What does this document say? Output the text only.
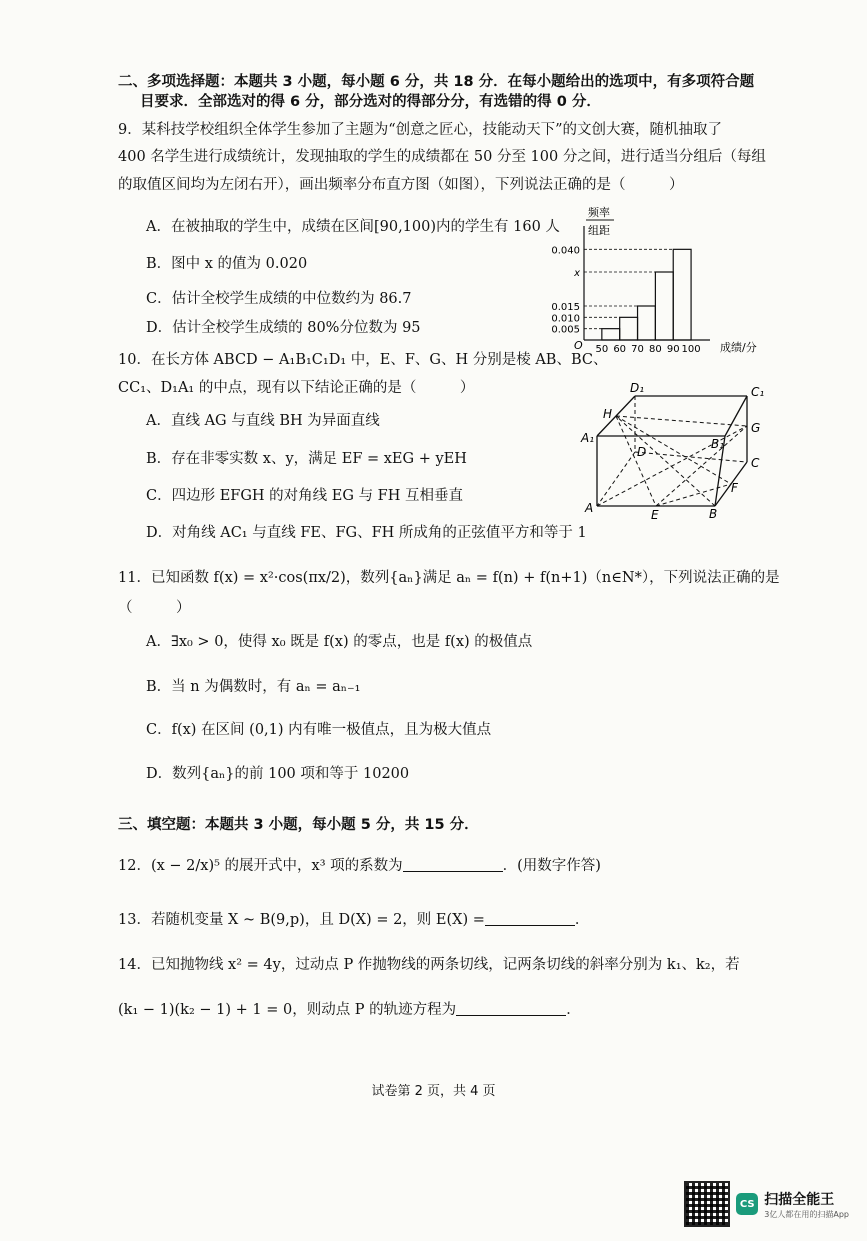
二、多项选择题：本题共 3 小题，每小题 6 分，共 18 分．在每小题给出的选项中，有多项符合题
目要求．全部选对的得 6 分，部分选对的得部分分，有选错的得 0 分．
9．某科技学校组织全体学生参加了主题为“创意之匠心，技能动天下”的文创大赛，随机抽取了
400 名学生进行成绩统计，发现抽取的学生的成绩都在 50 分至 100 分之间，进行适当分组后（每组
的取值区间均为左闭右开），画出频率分布直方图（如图），下列说法正确的是（　　　）
A．在被抽取的学生中，成绩在区间[90,100)内的学生有 160 人
B．图中 x 的值为 0.020
C．估计全校学生成绩的中位数约为 86.7
D．估计全校学生成绩的 80%分位数为 95
频率
组距
成绩/分
O
0.040
x
0.015
0.010
0.005
50 60 70 80 90 100
10．在长方体 ABCD − A₁B₁C₁D₁ 中，E、F、G、H 分别是棱 AB、BC、
CC₁、D₁A₁ 的中点，现有以下结论正确的是（　　　）
A．直线 AG 与直线 BH 为异面直线
B．存在非零实数 x、y，满足 EF = xEG + yEH
C．四边形 EFGH 的对角线 EG 与 FH 互相垂直
D．对角线 AC₁ 与直线 FE、FG、FH 所成角的正弦值平方和等于 1
D₁	C₁
H
G
A₁	B₁
D
C
F
A	E	B
11．已知函数 f(x) = x²·cos(πx/2)，数列{aₙ}满足 aₙ = f(n) + f(n+1)（n∈N*），下列说法正确的是
（　　　）
A．∃x₀ > 0，使得 x₀ 既是 f(x) 的零点，也是 f(x) 的极值点
B．当 n 为偶数时，有 aₙ = aₙ₋₁
C．f(x) 在区间 (0,1) 内有唯一极值点，且为极大值点
D．数列{aₙ}的前 100 项和等于 10200
三、填空题：本题共 3 小题，每小题 5 分，共 15 分．
12．(x − 2/x)⁵ 的展开式中，x³ 项的系数为	．(用数字作答)
13．若随机变量 X ~ B(9,p)，且 D(X) = 2，则 E(X) =	．
14．已知抛物线 x² = 4y，过动点 P 作抛物线的两条切线，记两条切线的斜率分别为 k₁、k₂，若
(k₁ − 1)(k₂ − 1) + 1 = 0，则动点 P 的轨迹方程为	．
试卷第 2 页，共 4 页
CS 扫描全能王
3亿人都在用的扫描App
